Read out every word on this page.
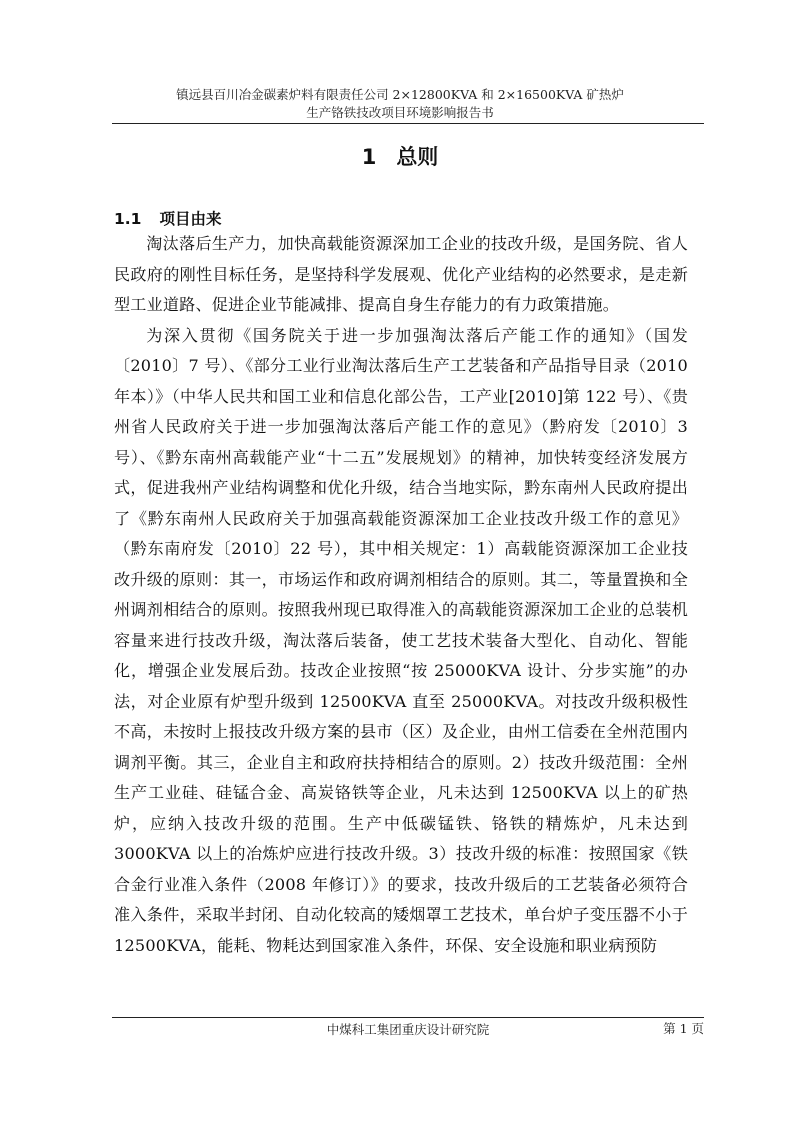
镇远县百川冶金碳素炉料有限责任公司 2×12800KVA 和 2×16500KVA 矿热炉
生产铬铁技改项目环境影响报告书
1 总则
1.1 项目由来

淘汰落后生产力，加快高载能资源深加工企业的技改升级，是国务院、省人民政府的刚性目标任务，是坚持科学发展观、优化产业结构的必然要求，是走新型工业道路、促进企业节能减排、提高自身生存能力的有力政策措施。

为深入贯彻《国务院关于进一步加强淘汰落后产能工作的通知》（国发〔2010〕7 号）、《部分工业行业淘汰落后生产工艺装备和产品指导目录（2010 年本）》（中华人民共和国工业和信息化部公告，工产业[2010]第 122 号）、《贵州省人民政府关于进一步加强淘汰落后产能工作的意见》（黔府发〔2010〕3 号）、《黔东南州高载能产业“十二五”发展规划》的精神，加快转变经济发展方式，促进我州产业结构调整和优化升级，结合当地实际，黔东南州人民政府提出了《黔东南州人民政府关于加强高载能资源深加工企业技改升级工作的意见》（黔东南府发〔2010〕22 号），其中相关规定：1）高载能资源深加工企业技改升级的原则：其一，市场运作和政府调剂相结合的原则。其二，等量置换和全州调剂相结合的原则。按照我州现已取得准入的高载能资源深加工企业的总装机容量来进行技改升级，淘汰落后装备，使工艺技术装备大型化、自动化、智能化，增强企业发展后劲。技改企业按照“按 25000KVA 设计、分步实施”的办法，对企业原有炉型升级到 12500KVA 直至 25000KVA。对技改升级积极性不高，未按时上报技改升级方案的县市（区）及企业，由州工信委在全州范围内调剂平衡。其三，企业自主和政府扶持相结合的原则。2）技改升级范围：全州生产工业硅、硅锰合金、高炭铬铁等企业，凡未达到 12500KVA 以上的矿热炉，应纳入技改升级的范围。生产中低碳锰铁、铬铁的精炼炉，凡未达到 3000KVA 以上的冶炼炉应进行技改升级。3）技改升级的标准：按照国家《铁合金行业准入条件（2008 年修订）》的要求，技改升级后的工艺装备必须符合准入条件，采取半封闭、自动化较高的矮烟罩工艺技术，单台炉子变压器不小于 12500KVA，能耗、物耗达到国家准入条件，环保、安全设施和职业病预防

中煤科工集团重庆设计研究院	第 1 页
